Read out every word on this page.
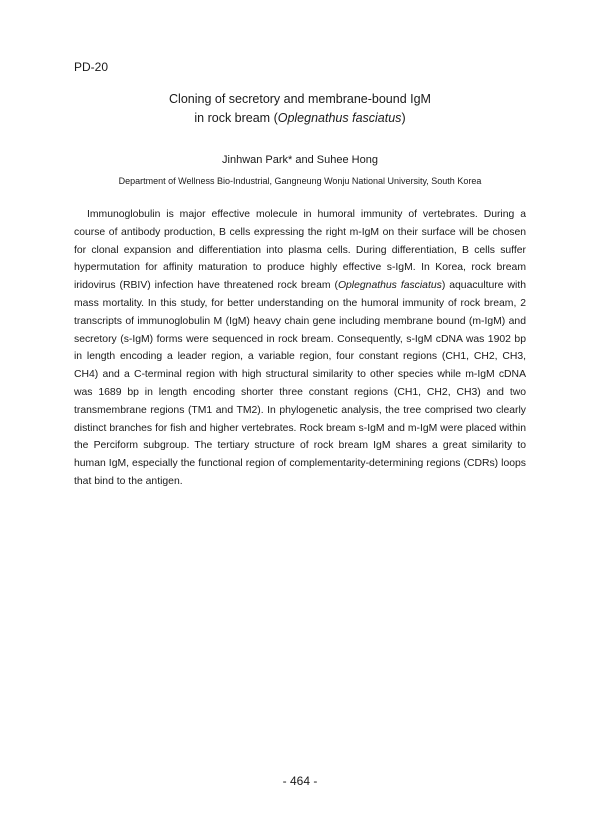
PD-20
Cloning of secretory and membrane-bound IgM
in rock bream (Oplegnathus fasciatus)
Jinhwan Park* and Suhee Hong
Department of Wellness Bio-Industrial, Gangneung Wonju National University, South Korea
Immunoglobulin is major effective molecule in humoral immunity of vertebrates. During a course of antibody production, B cells expressing the right m-IgM on their surface will be chosen for clonal expansion and differentiation into plasma cells. During differentiation, B cells suffer hypermutation for affinity maturation to produce highly effective s-IgM. In Korea, rock bream iridovirus (RBIV) infection have threatened rock bream (Oplegnathus fasciatus) aquaculture with mass mortality. In this study, for better understanding on the humoral immunity of rock bream, 2 transcripts of immunoglobulin M (IgM) heavy chain gene including membrane bound (m-IgM) and secretory (s-IgM) forms were sequenced in rock bream. Consequently, s-IgM cDNA was 1902 bp in length encoding a leader region, a variable region, four constant regions (CH1, CH2, CH3, CH4) and a C-terminal region with high structural similarity to other species while m-IgM cDNA was 1689 bp in length encoding shorter three constant regions (CH1, CH2, CH3) and two transmembrane regions (TM1 and TM2). In phylogenetic analysis, the tree comprised two clearly distinct branches for fish and higher vertebrates. Rock bream s-IgM and m-IgM were placed within the Perciform subgroup. The tertiary structure of rock bream IgM shares a great similarity to human IgM, especially the functional region of complementarity-determining regions (CDRs) loops that bind to the antigen.
- 464 -
